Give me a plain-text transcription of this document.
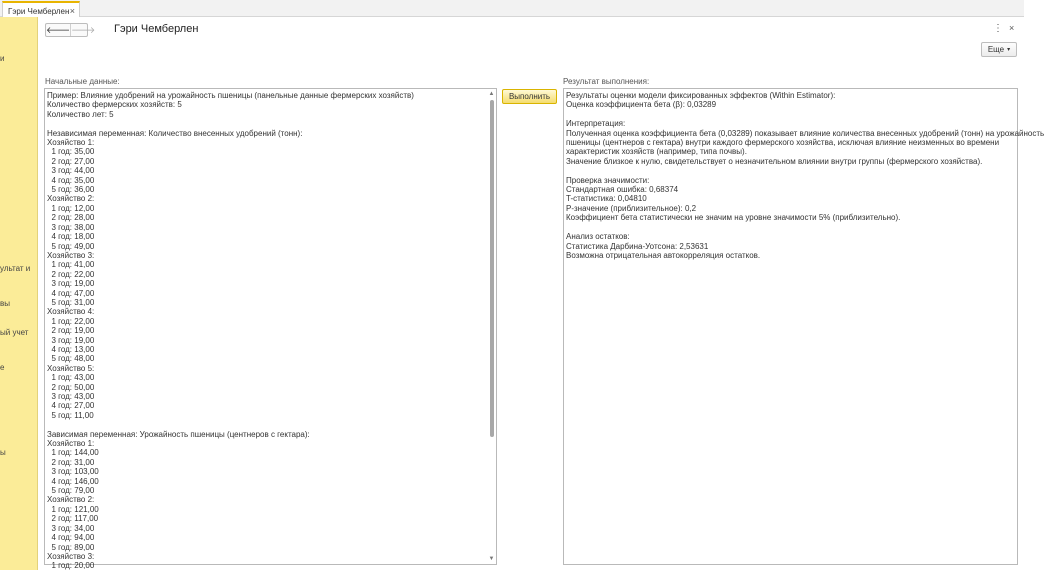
Гэри Чемберлен ×
и
ультат и
вы
ый учет
е
ы
🡐 🡒 Гэри Чемберлен	⋮ ×
Еще ▾
Начальные данные:
Пример: Влияние удобрений на урожайность пшеницы (панельные данные фермерских хозяйств)
Количество фермерских хозяйств: 5
Количество лет: 5

Независимая переменная: Количество внесенных удобрений (тонн):
Хозяйство 1:
1 год: 35,00
2 год: 27,00
3 год: 44,00
4 год: 35,00
5 год: 36,00
Хозяйство 2:
1 год: 12,00
2 год: 28,00
3 год: 38,00
4 год: 18,00
5 год: 49,00
Хозяйство 3:
1 год: 41,00
2 год: 22,00
3 год: 19,00
4 год: 47,00
5 год: 31,00
Хозяйство 4:
1 год: 22,00
2 год: 19,00
3 год: 19,00
4 год: 13,00
5 год: 48,00
Хозяйство 5:
1 год: 43,00
2 год: 50,00
3 год: 43,00
4 год: 27,00
5 год: 11,00

Зависимая переменная: Урожайность пшеницы (центнеров с гектара):
Хозяйство 1:
1 год: 144,00
2 год: 31,00
3 год: 103,00
4 год: 146,00
5 год: 79,00
Хозяйство 2:
1 год: 121,00
2 год: 117,00
3 год: 34,00
4 год: 94,00
5 год: 89,00
Хозяйство 3:
1 год: 20,00
▲
▼
Выполнить
Результат выполнения:
Результаты оценки модели фиксированных эффектов (Within Estimator):
Оценка коэффициента бета (β): 0,03289

Интерпретация:
Полученная оценка коэффициента бета (0,03289) показывает влияние количества внесенных удобрений (тонн) на урожайность
пшеницы (центнеров с гектара) внутри каждого фермерского хозяйства, исключая влияние неизменных во времени
характеристик хозяйств (например, типа почвы).
Значение близкое к нулю, свидетельствует о незначительном влиянии внутри группы (фермерского хозяйства).

Проверка значимости:
Стандартная ошибка: 0,68374
T-статистика: 0,04810
P-значение (приблизительное): 0,2
Коэффициент бета статистически не значим на уровне значимости 5% (приблизительно).

Анализ остатков:
Статистика Дарбина-Уотсона: 2,53631
Возможна отрицательная автокорреляция остатков.
